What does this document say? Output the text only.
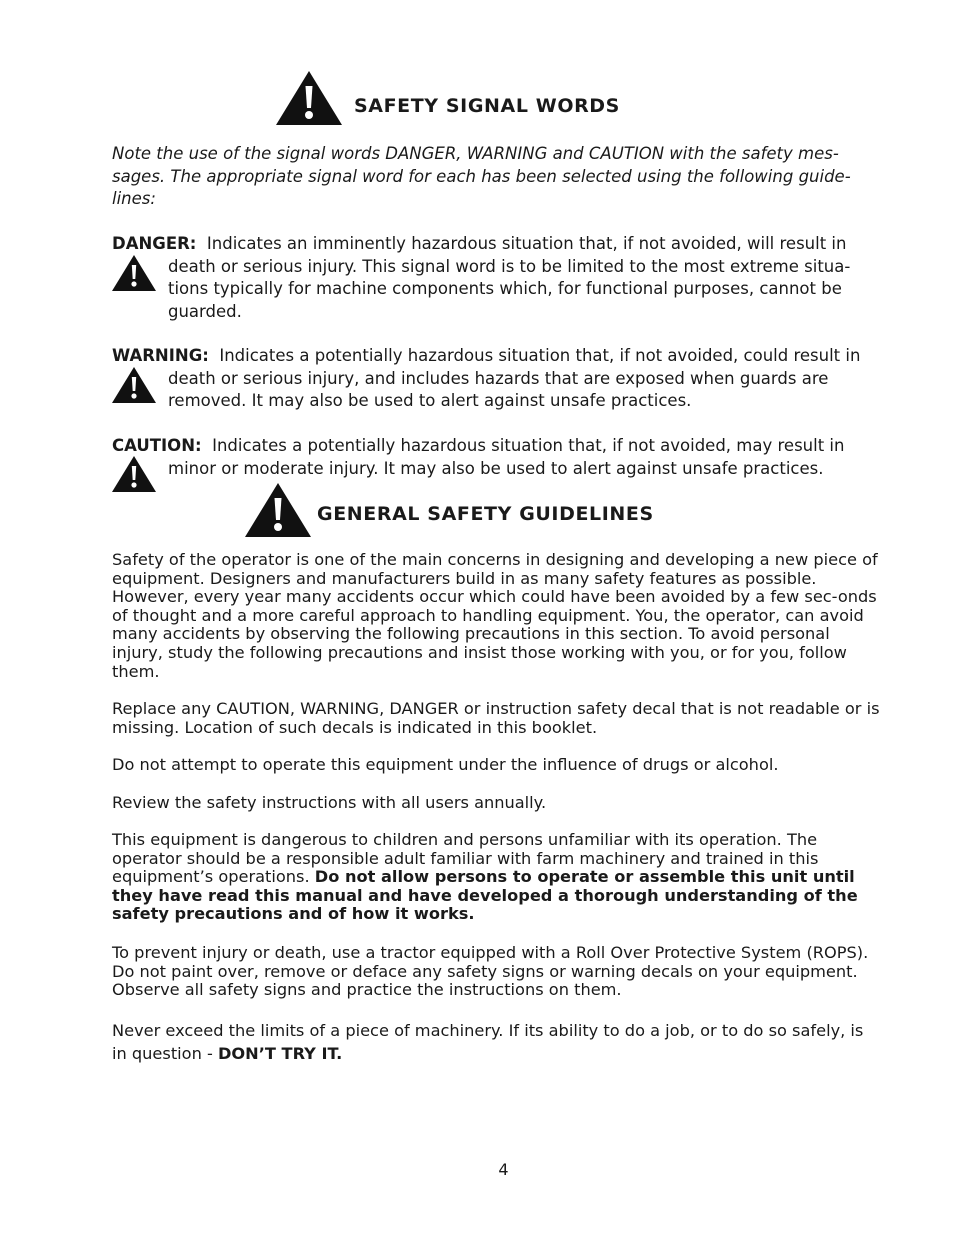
SAFETY SIGNAL WORDS
Note the use of the signal words DANGER, WARNING and CAUTION with the safety mes-sages. The appropriate signal word for each has been selected using the following guide-lines:
DANGER: Indicates an imminently hazardous situation that, if not avoided, will result in
death or serious injury. This signal word is to be limited to the most extreme situa-tions typically for machine components which, for functional purposes, cannot be guarded.
WARNING: Indicates a potentially hazardous situation that, if not avoided, could result in
death or serious injury, and includes hazards that are exposed when guards are removed. It may also be used to alert against unsafe practices.
CAUTION: Indicates a potentially hazardous situation that, if not avoided, may result in
minor or moderate injury. It may also be used to alert against unsafe practices.
GENERAL SAFETY GUIDELINES
Safety of the operator is one of the main concerns in designing and developing a new piece of equipment. Designers and manufacturers build in as many safety features as possible. However, every year many accidents occur which could have been avoided by a few sec-onds of thought and a more careful approach to handling equipment. You, the operator, can avoid many accidents by observing the following precautions in this section. To avoid personal injury, study the following precautions and insist those working with you, or for you, follow them.
Replace any CAUTION, WARNING, DANGER or instruction safety decal that is not readable or is missing. Location of such decals is indicated in this booklet.
Do not attempt to operate this equipment under the influence of drugs or alcohol.
Review the safety instructions with all users annually.
This equipment is dangerous to children and persons unfamiliar with its operation. The operator should be a responsible adult familiar with farm machinery and trained in this equipment’s operations. Do not allow persons to operate or assemble this unit until they have read this manual and have developed a thorough understanding of the safety precautions and of how it works.
To prevent injury or death, use a tractor equipped with a Roll Over Protective System (ROPS). Do not paint over, remove or deface any safety signs or warning decals on your equipment. Observe all safety signs and practice the instructions on them.
Never exceed the limits of a piece of machinery. If its ability to do a job, or to do so safely, is in question - DON’T TRY IT.
4
